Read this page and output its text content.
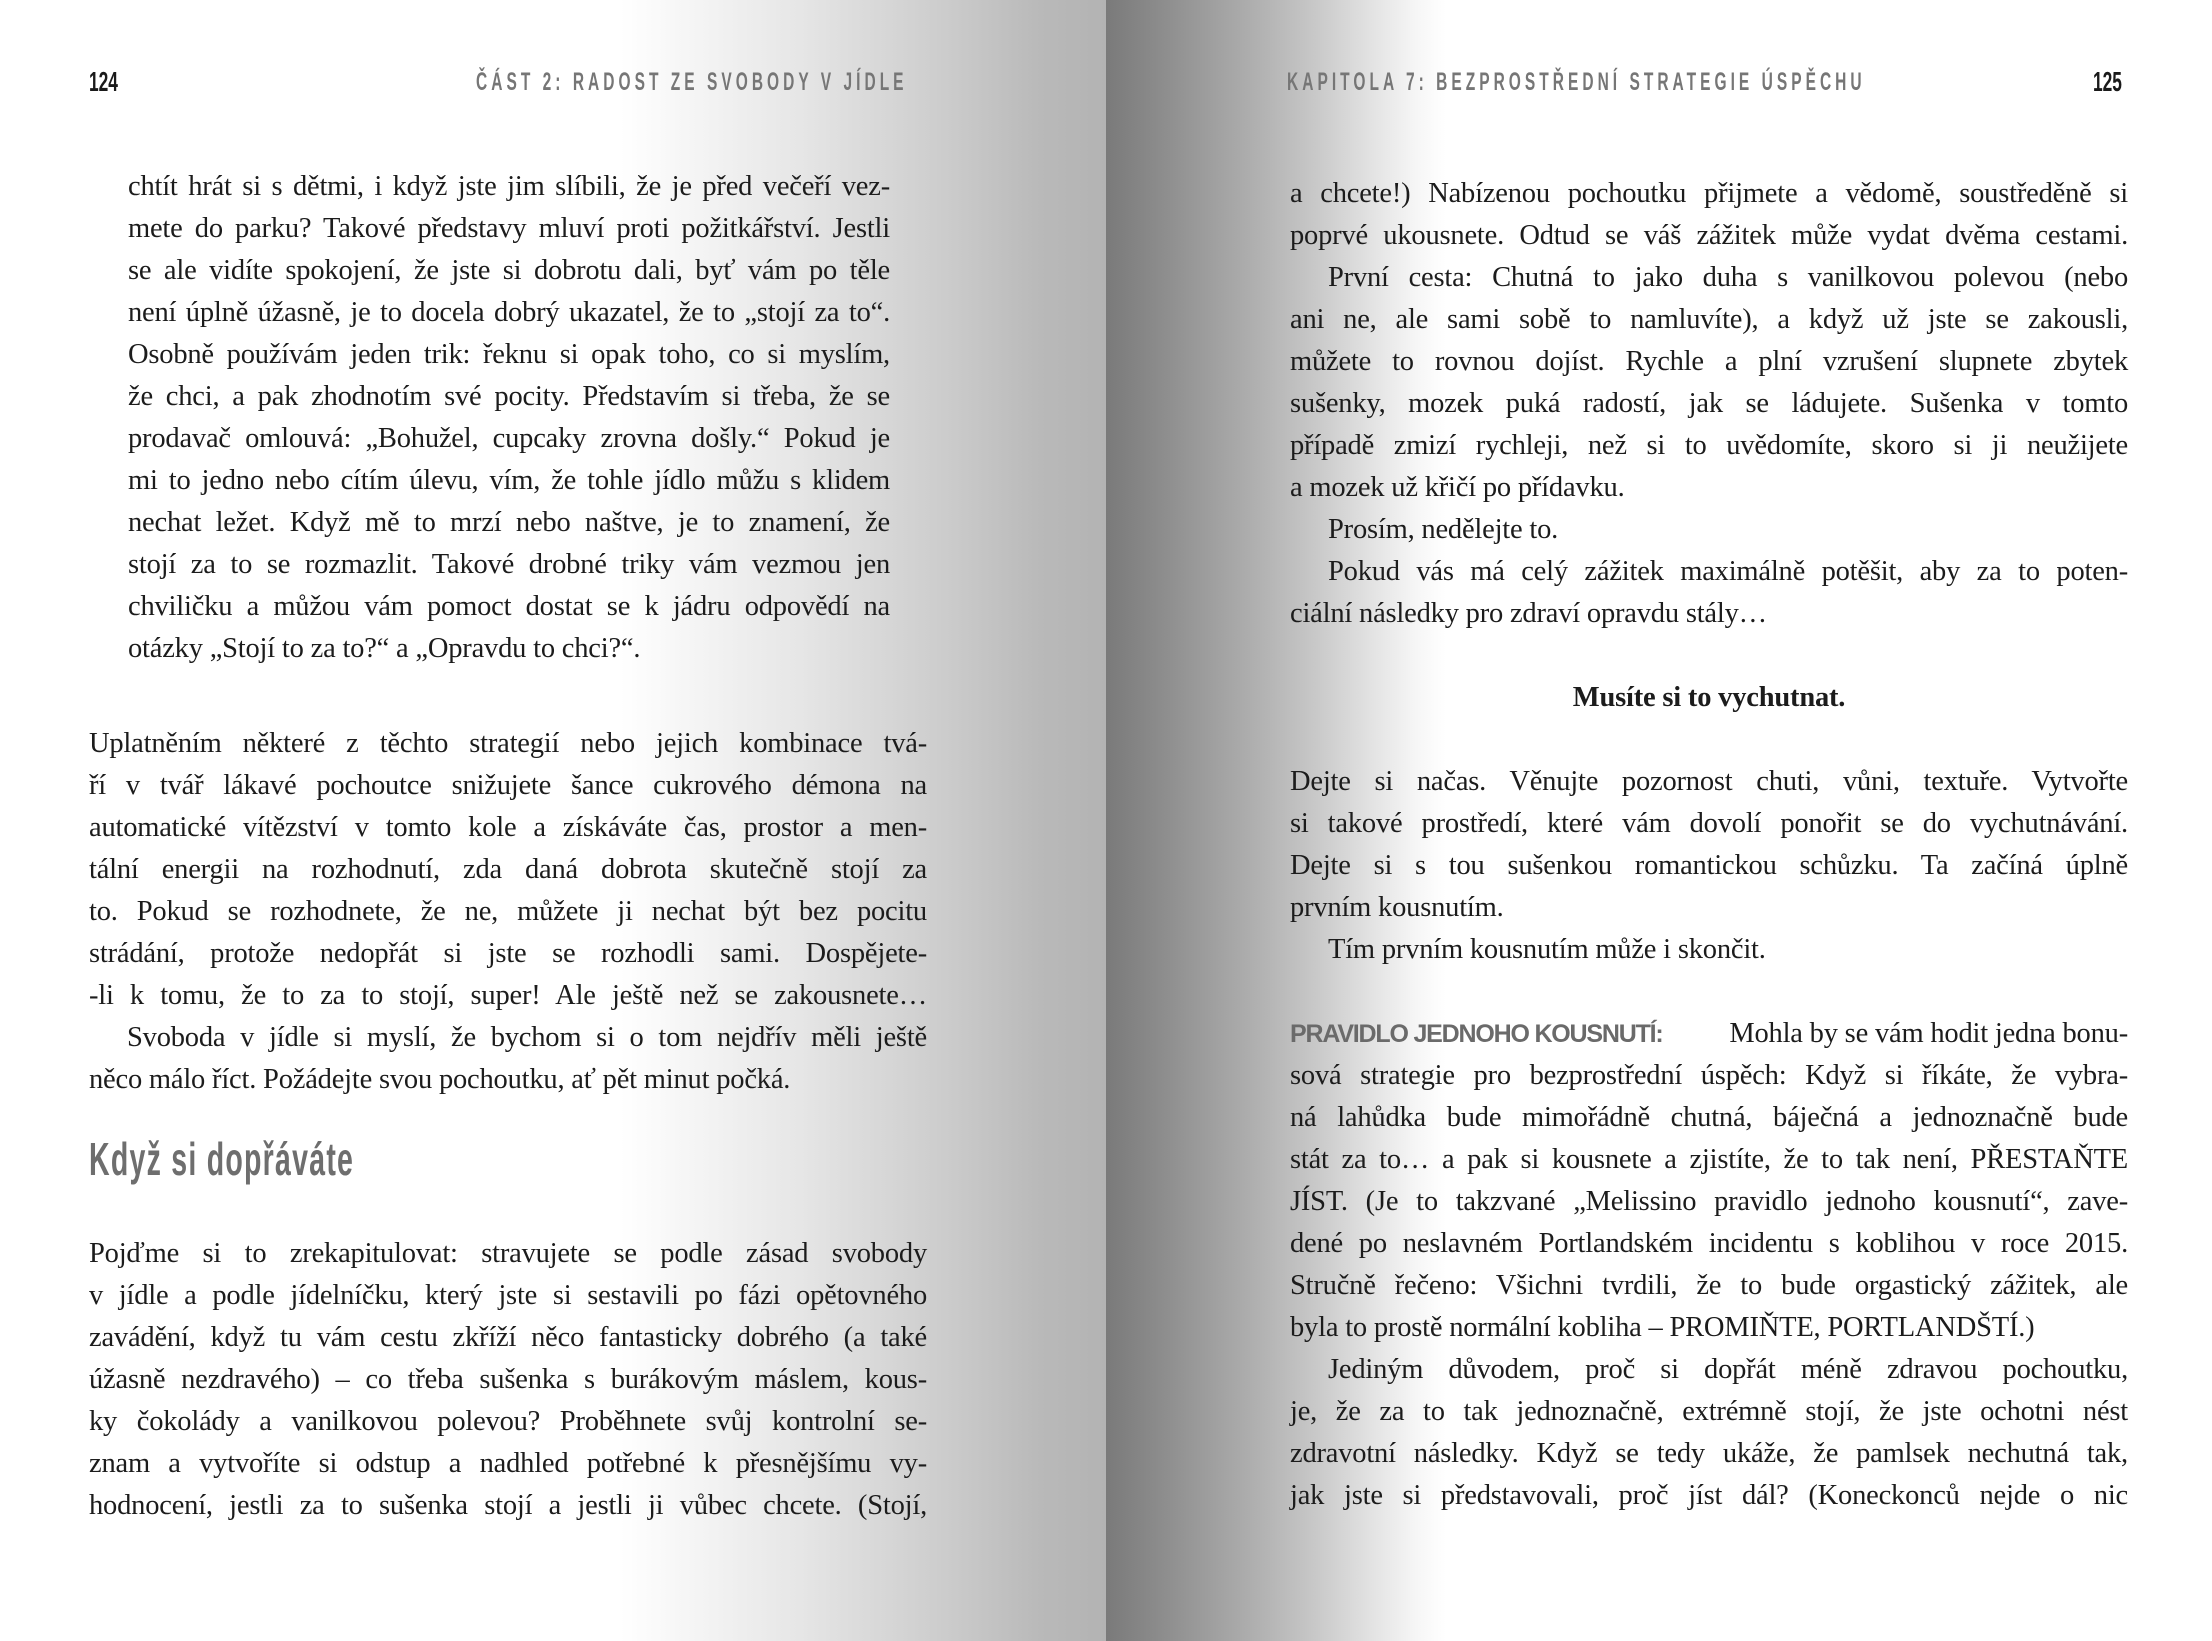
124	ČÁST 2: RADOST ZE SVOBODY V JÍDLE
chtít hrát si s dětmi, i když jste jim slíbili, že je před večeří vez-
mete do parku? Takové představy mluví proti požitkářství. Jestli
se ale vidíte spokojení, že jste si dobrotu dali, byť vám po těle
není úplně úžasně, je to docela dobrý ukazatel, že to „stojí za to“.
Osobně používám jeden trik: řeknu si opak toho, co si myslím,
že chci, a pak zhodnotím své pocity. Představím si třeba, že se
prodavač omlouvá: „Bohužel, cupcaky zrovna došly.“ Pokud je
mi to jedno nebo cítím úlevu, vím, že tohle jídlo můžu s klidem
nechat ležet. Když mě to mrzí nebo naštve, je to znamení, že
stojí za to se rozmazlit. Takové drobné triky vám vezmou jen
chviličku a můžou vám pomoct dostat se k jádru odpovědí na
otázky „Stojí to za to?“ a „Opravdu to chci?“.
Uplatněním některé z těchto strategií nebo jejich kombinace tvá-
ří v tvář lákavé pochoutce snižujete šance cukrového démona na
automatické vítězství v tomto kole a získáváte čas, prostor a men-
tální energii na rozhodnutí, zda daná dobrota skutečně stojí za
to. Pokud se rozhodnete, že ne, můžete ji nechat být bez pocitu
strádání, protože nedopřát si jste se rozhodli sami. Dospějete-
-li k tomu, že to za to stojí, super! Ale ještě než se zakousnete…
Svoboda v jídle si myslí, že bychom si o tom nejdřív měli ještě
něco málo říct. Požádejte svou pochoutku, ať pět minut počká.
Když si dopřáváte
Pojďme si to zrekapitulovat: stravujete se podle zásad svobody
v jídle a podle jídelníčku, který jste si sestavili po fázi opětovného
zavádění, když tu vám cestu zkříží něco fantasticky dobrého (a také
úžasně nezdravého) – co třeba sušenka s burákovým máslem, kous-
ky čokolády a vanilkovou polevou? Proběhnete svůj kontrolní se-
znam a vytvoříte si odstup a nadhled potřebné k přesnějšímu vy-
hodnocení, jestli za to sušenka stojí a jestli ji vůbec chcete. (Stojí,
KAPITOLA 7: BEZPROSTŘEDNÍ STRATEGIE ÚSPĚCHU	125
a chcete!) Nabízenou pochoutku přijmete a vědomě, soustředěně si
poprvé ukousnete. Odtud se váš zážitek může vydat dvěma cestami.
První cesta: Chutná to jako duha s vanilkovou polevou (nebo
ani ne, ale sami sobě to namluvíte), a když už jste se zakousli,
můžete to rovnou dojíst. Rychle a plní vzrušení slupnete zbytek
sušenky, mozek puká radostí, jak se ládujete. Sušenka v tomto
případě zmizí rychleji, než si to uvědomíte, skoro si ji neužijete
a mozek už křičí po přídavku.
Prosím, nedělejte to.
Pokud vás má celý zážitek maximálně potěšit, aby za to poten-
ciální následky pro zdraví opravdu stály…
Musíte si to vychutnat.
Dejte si načas. Věnujte pozornost chuti, vůni, textuře. Vytvořte
si takové prostředí, které vám dovolí ponořit se do vychutnávání.
Dejte si s tou sušenkou romantickou schůzku. Ta začíná úplně
prvním kousnutím.
Tím prvním kousnutím může i skončit.
PRAVIDLO JEDNOHO KOUSNUTÍ: Mohla by se vám hodit jedna bonu-
sová strategie pro bezprostřední úspěch: Když si říkáte, že vybra-
ná lahůdka bude mimořádně chutná, báječná a jednoznačně bude
stát za to… a pak si kousnete a zjistíte, že to tak není, PŘESTAŇTE
JÍST. (Je to takzvané „Melissino pravidlo jednoho kousnutí“, zave-
dené po neslavném Portlandském incidentu s koblihou v roce 2015.
Stručně řečeno: Všichni tvrdili, že to bude orgastický zážitek, ale
byla to prostě normální kobliha – PROMIŇTE, PORTLANDŠTÍ.)
Jediným důvodem, proč si dopřát méně zdravou pochoutku,
je, že za to tak jednoznačně, extrémně stojí, že jste ochotni nést
zdravotní následky. Když se tedy ukáže, že pamlsek nechutná tak,
jak jste si představovali, proč jíst dál? (Koneckonců nejde o nic
